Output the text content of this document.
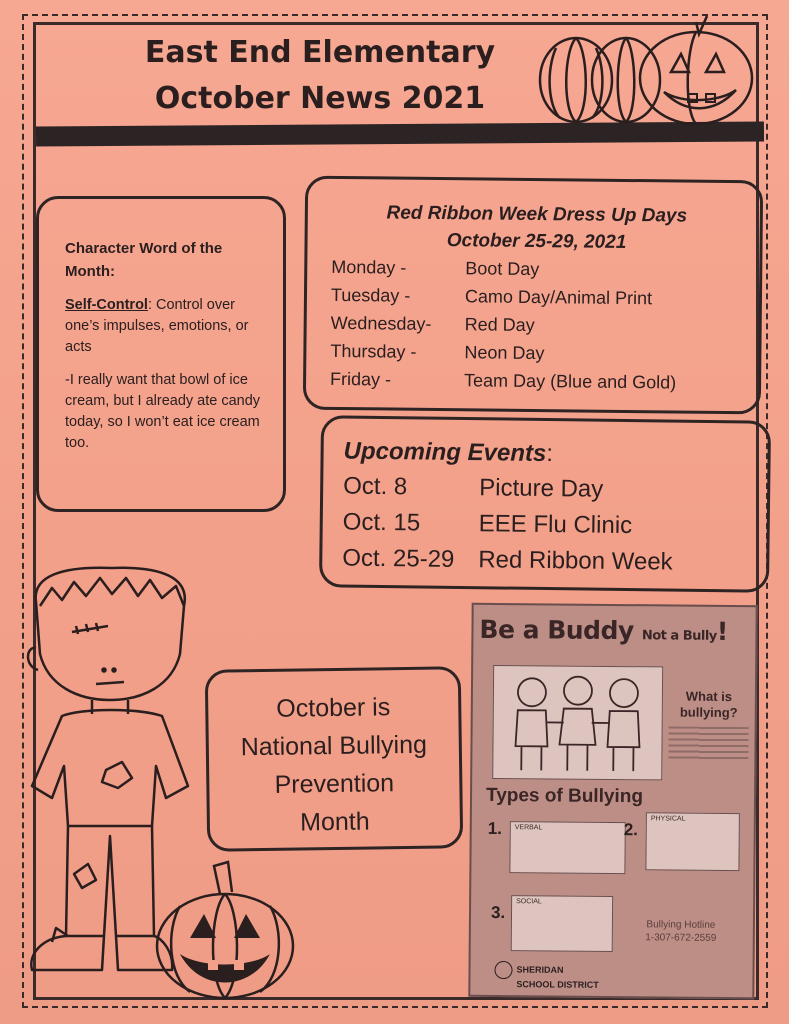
East End Elementary
October News 2021

Character Word of the Month:

Self-Control: Control over one’s impulses, emotions, or acts

-I really want that bowl of ice cream, but I already ate candy today, so I won’t eat ice cream too.

Red Ribbon Week Dress Up Days
October 25-29, 2021
Monday -	Boot Day
Tuesday -	Camo Day/Animal Print
Wednesday-	Red Day
Thursday -	Neon Day
Friday -	Team Day (Blue and Gold)
Upcoming Events:
Oct. 8	Picture Day
Oct. 15	EEE Flu Clinic
Oct. 25-29 Red Ribbon Week
October is
National Bullying
Prevention
Month
Be a Buddy Not a Bully!
What is bullying?
Types of Bullying
1. VERBAL	2.
PHYSICAL
3.
SOCIAL
Bullying Hotline
1-307-672-2559
SHERIDAN
SCHOOL DISTRICT
